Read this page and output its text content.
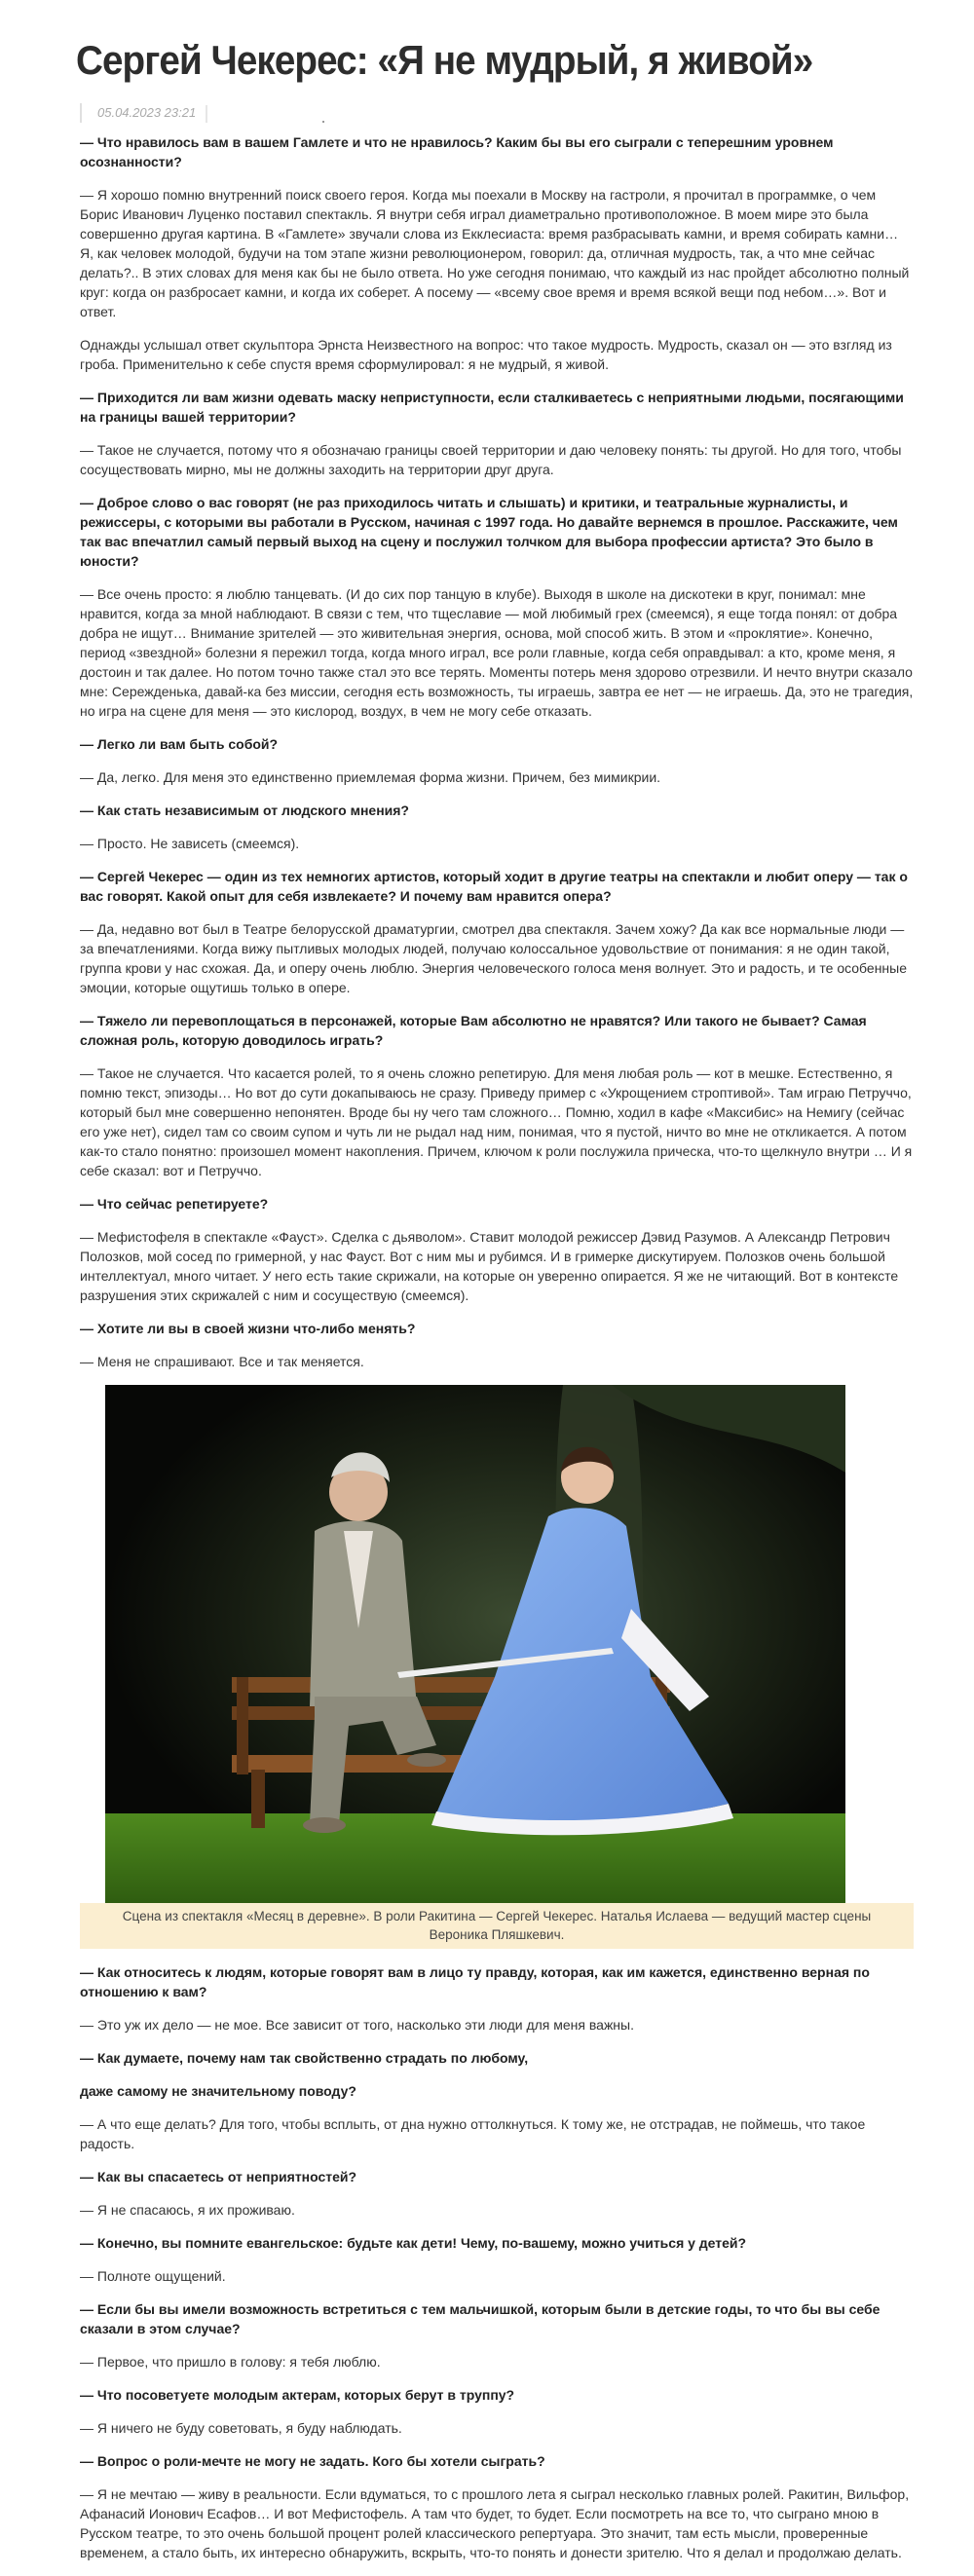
Сергей Чекерес: «Я не мудрый, я живой»
05.04.2023 23:21

— Что нравилось вам в вашем Гамлете и что не нравилось? Каким бы вы его сыграли с теперешним уровнем осознанности?

— Я хорошо помню внутренний поиск своего героя. Когда мы поехали в Москву на гастроли, я прочитал в программке, о чем Борис Иванович Луценко поставил спектакль. Я внутри себя играл диаметрально противоположное. В моем мире это была совершенно другая картина. В «Гамлете» звучали слова из Екклесиаста: время разбрасывать камни, и время собирать камни… Я, как человек молодой, будучи на том этапе жизни революционером, говорил: да, отличная мудрость, так, а что мне сейчас делать?.. В этих словах для меня как бы не было ответа. Но уже сегодня понимаю, что каждый из нас пройдет абсолютно полный круг: когда он разбросает камни, и когда их соберет. А посему — «всему свое время и время всякой вещи под небом…». Вот и ответ.

Однажды услышал ответ скульптора Эрнста Неизвестного на вопрос: что такое мудрость. Мудрость, сказал он — это взгляд из гроба. Применительно к себе спустя время сформулировал: я не мудрый, я живой.

— Приходится ли вам жизни одевать маску неприступности, если сталкиваетесь с неприятными людьми, посягающими на границы вашей территории?

— Такое не случается, потому что я обозначаю границы своей территории и даю человеку понять: ты другой. Но для того, чтобы сосуществовать мирно, мы не должны заходить на территории друг друга.

— Доброе слово о вас говорят (не раз приходилось читать и слышать) и критики, и театральные журналисты, и режиссеры, с которыми вы работали в Русском, начиная с 1997 года. Но давайте вернемся в прошлое. Расскажите, чем так вас впечатлил самый первый выход на сцену и послужил толчком для выбора профессии артиста? Это было в юности?

— Все очень просто: я люблю танцевать. (И до сих пор танцую в клубе). Выходя в школе на дискотеки в круг, понимал: мне нравится, когда за мной наблюдают. В связи с тем, что тщеславие — мой любимый грех (смеемся), я еще тогда понял: от добра добра не ищут… Внимание зрителей — это живительная энергия, основа, мой способ жить. В этом и «проклятие». Конечно, период «звездной» болезни я пережил тогда, когда много играл, все роли главные, когда себя оправдывал: а кто, кроме меня, я достоин и так далее. Но потом точно также стал это все терять. Моменты потерь меня здорово отрезвили. И нечто внутри сказало мне: Сережденька, давай-ка без миссии, сегодня есть возможность, ты играешь, завтра ее нет — не играешь. Да, это не трагедия, но игра на сцене для меня — это кислород, воздух, в чем не могу себе отказать.

— Легко ли вам быть собой?

— Да, легко. Для меня это единственно приемлемая форма жизни. Причем, без мимикрии.

— Как стать независимым от людского мнения?

— Просто. Не зависеть (смеемся).

— Сергей Чекерес — один из тех немногих артистов, который ходит в другие театры на спектакли и любит оперу — так о вас говорят. Какой опыт для себя извлекаете? И почему вам нравится опера?

— Да, недавно вот был в Театре белорусской драматургии, смотрел два спектакля. Зачем хожу? Да как все нормальные люди — за впечатлениями. Когда вижу пытливых молодых людей, получаю колоссальное удовольствие от понимания: я не один такой, группа крови у нас схожая. Да, и оперу очень люблю. Энергия человеческого голоса меня волнует. Это и радость, и те особенные эмоции, которые ощутишь только в опере.

— Тяжело ли перевоплощаться в персонажей, которые Вам абсолютно не нравятся? Или такого не бывает? Самая сложная роль, которую доводилось играть?

— Такое не случается. Что касается ролей, то я очень сложно репетирую. Для меня любая роль — кот в мешке. Естественно, я помню текст, эпизоды… Но вот до сути докапываюсь не сразу. Приведу пример с «Укрощением строптивой». Там играю Петруччо, который был мне совершенно непонятен. Вроде бы ну чего там сложного… Помню, ходил в кафе «Максибис» на Немигу (сейчас его уже нет), сидел там со своим супом и чуть ли не рыдал над ним, понимая, что я пустой, ничто во мне не откликается. А потом как-то стало понятно: произошел момент накопления. Причем, ключом к роли послужила прическа, что-то щелкнуло внутри … И я себе сказал: вот и Петруччо.

— Что сейчас репетируете?

— Мефистофеля в спектакле «Фауст». Сделка с дьяволом». Ставит молодой режиссер Дэвид Разумов. А Александр Петрович Полозков, мой сосед по гримерной, у нас Фауст. Вот с ним мы и рубимся. И в гримерке дискутируем. Полозков очень большой интеллектуал, много читает. У него есть такие скрижали, на которые он уверенно опирается. Я же не читающий. Вот в контексте разрушения этих скрижалей с ним и сосуществую (смеемся).

— Хотите ли вы в своей жизни что-либо менять?

— Меня не спрашивают. Все и так меняется.

Сцена из спектакля «Месяц в деревне». В роли Ракитина — Сергей Чекерес. Наталья Ислаева — ведущий мастер сцены Вероника Пляшкевич.

— Как относитесь к людям, которые говорят вам в лицо ту правду, которая, как им кажется, единственно верная по отношению к вам?

— Это уж их дело — не мое. Все зависит от того, насколько эти люди для меня важны.

— Как думаете, почему нам так свойственно страдать по любому,

даже самому не значительному поводу?

— А что еще делать? Для того, чтобы всплыть, от дна нужно оттолкнуться. К тому же, не отстрадав, не поймешь, что такое радость.

— Как вы спасаетесь от неприятностей?

— Я не спасаюсь, я их проживаю.

— Конечно, вы помните евангельское: будьте как дети! Чему, по-вашему, можно учиться у детей?

— Полноте ощущений.

— Если бы вы имели возможность встретиться с тем мальчишкой, которым были в детские годы, то что бы вы себе сказали в этом случае?

— Первое, что пришло в голову: я тебя люблю.

— Что посоветуете молодым актерам, которых берут в труппу?

— Я ничего не буду советовать, я буду наблюдать.

— Вопрос о роли-мечте не могу не задать. Кого бы хотели сыграть?

— Я не мечтаю — живу в реальности. Если вдуматься, то с прошлого лета я сыграл несколько главных ролей. Ракитин, Вильфор, Афанасий Ионович Есафов… И вот Мефистофель. А там что будет, то будет. Если посмотреть на все то, что сыграно мною в Русском театре, то это очень большой процент ролей классического репертуара. Это значит, там есть мысли, проверенные временем, а стало быть, их интересно обнаружить, вскрыть, что-то понять и донести зрителю. Что я делал и продолжаю делать.
